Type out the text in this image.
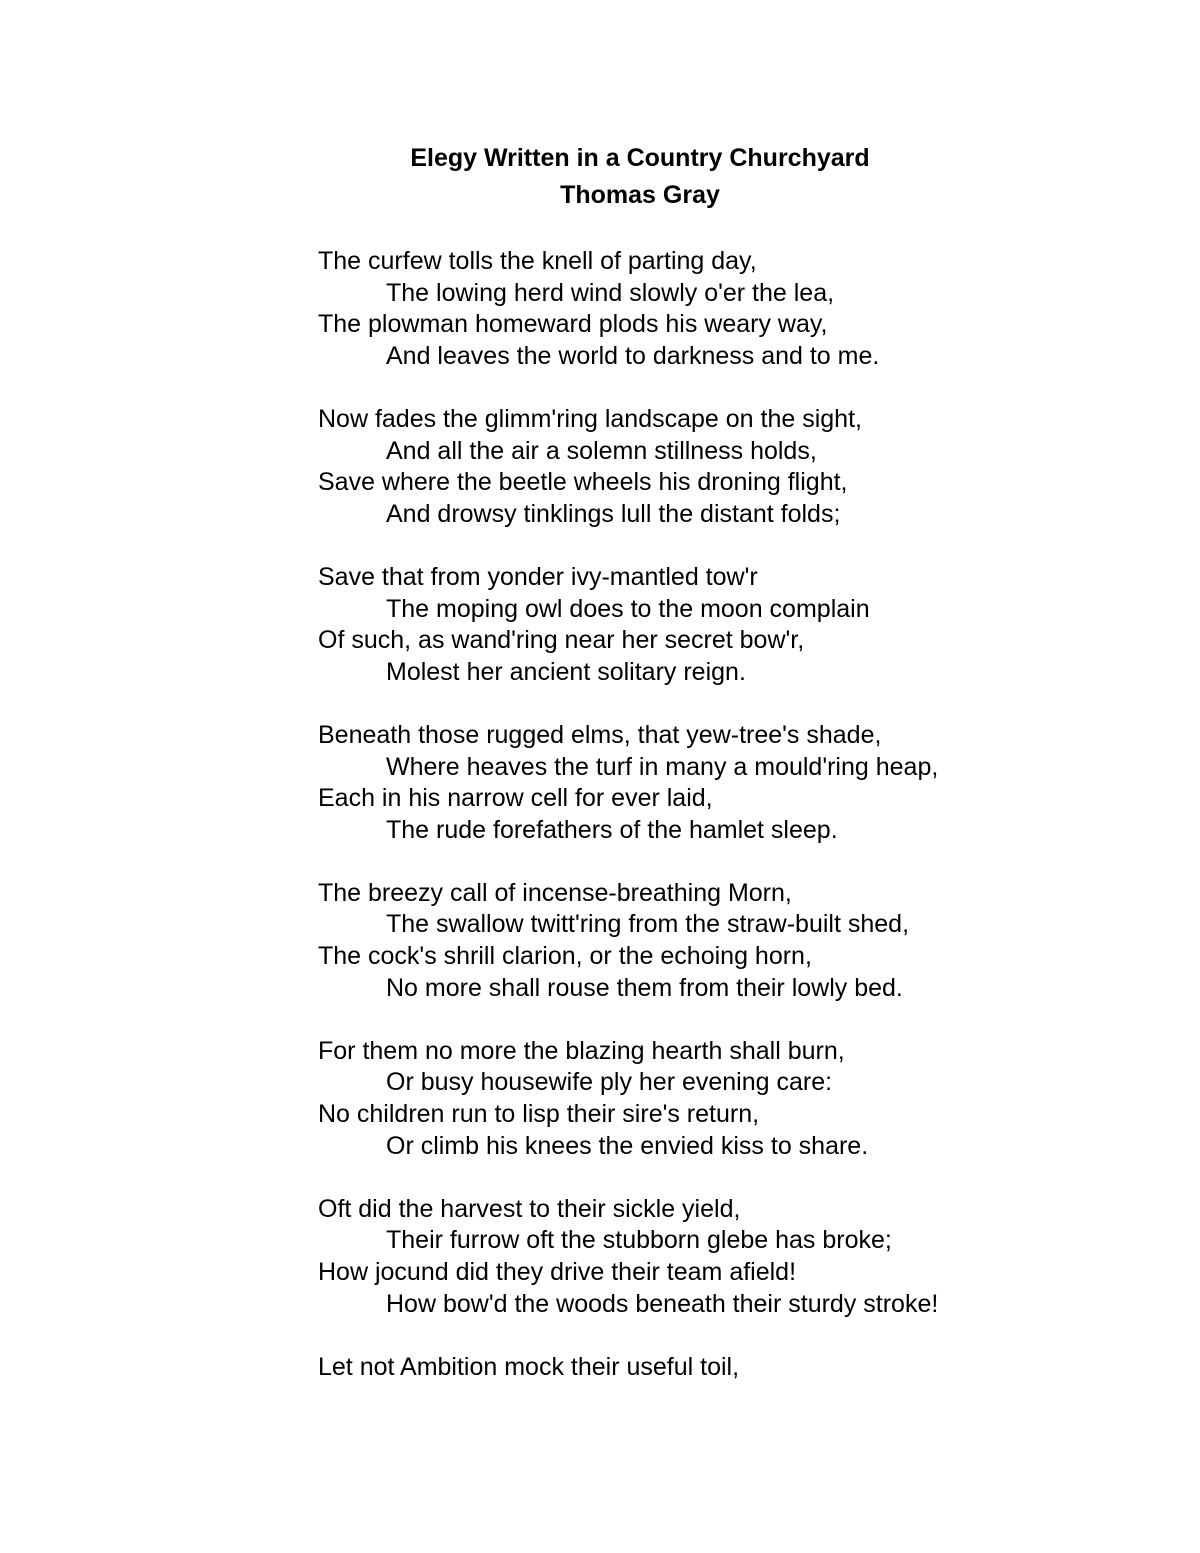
Elegy Written in a Country Churchyard
Thomas Gray
The curfew tolls the knell of parting day,
The lowing herd wind slowly o'er the lea,
The plowman homeward plods his weary way,
And leaves the world to darkness and to me.
Now fades the glimm'ring landscape on the sight,
And all the air a solemn stillness holds,
Save where the beetle wheels his droning flight,
And drowsy tinklings lull the distant folds;
Save that from yonder ivy-mantled tow'r
The moping owl does to the moon complain
Of such, as wand'ring near her secret bow'r,
Molest her ancient solitary reign.
Beneath those rugged elms, that yew-tree's shade,
Where heaves the turf in many a mould'ring heap,
Each in his narrow cell for ever laid,
The rude forefathers of the hamlet sleep.
The breezy call of incense-breathing Morn,
The swallow twitt'ring from the straw-built shed,
The cock's shrill clarion, or the echoing horn,
No more shall rouse them from their lowly bed.
For them no more the blazing hearth shall burn,
Or busy housewife ply her evening care:
No children run to lisp their sire's return,
Or climb his knees the envied kiss to share.
Oft did the harvest to their sickle yield,
Their furrow oft the stubborn glebe has broke;
How jocund did they drive their team afield!
How bow'd the woods beneath their sturdy stroke!
Let not Ambition mock their useful toil,
